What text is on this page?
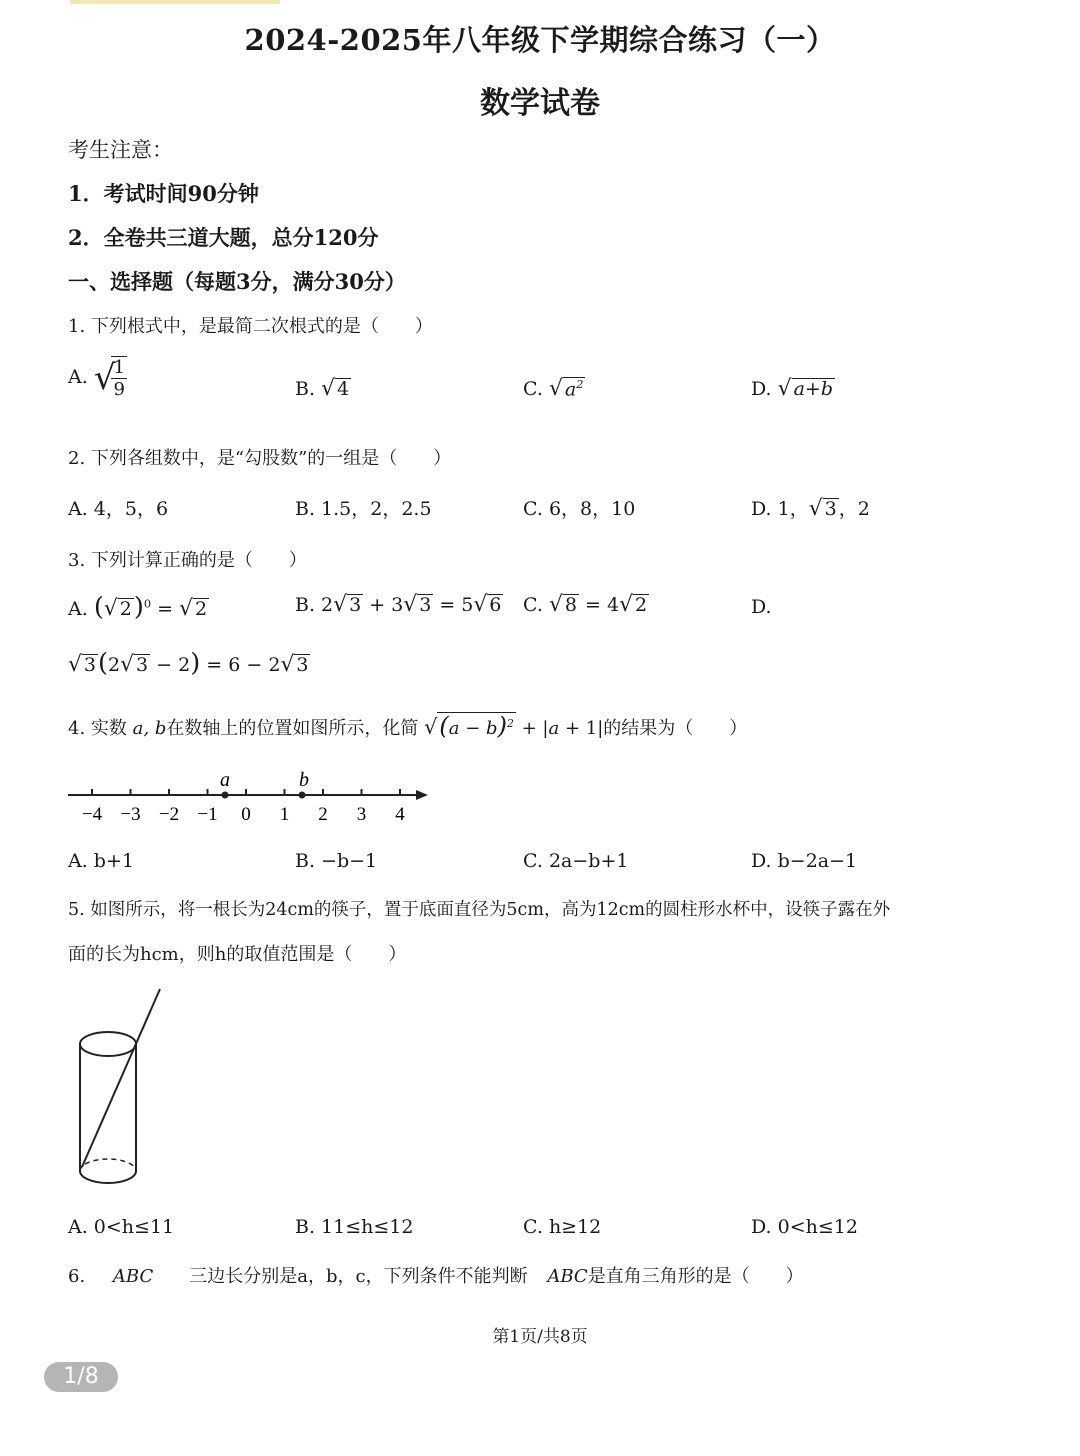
2024-2025年八年级下学期综合练习（一）
数学试卷
考生注意：
1．考试时间90分钟
2．全卷共三道大题，总分120分
一、选择题（每题3分，满分30分）
1. 下列根式中，是最简二次根式的是（　　）
A. √
$\frac{1}{9}$	B. √ 4	C. √ $a^2$	D. √ a+b
2. 下列各组数中，是“勾股数”的一组是（　　）
A. 4，5，6	B. 1.5，2，2.5	C. 6，8，10	D. 1，√ 3 ，2
3. 下列计算正确的是（　　）
A. (√ 2)$^0$ = √ 2	B. 2√ 3 + 3√ 3 = 5√ 6 C. √ 8 = 4√ 2	D.
√ 3(2√ 3 − 2) = 6 − 2√ 3
4. 实数 a, b在数轴上的位置如图所示，化简 $√(a - b)^2 + |a + 1|$的结果为（　　）
−4 −3 −2 −1 0 1 2 3 4
a	b
A. b+1	B. −b−1	C. 2a−b+1	D. b−2a−1
5. 如图所示，将一根长为24cm的筷子，置于底面直径为5cm，高为12cm的圆柱形水杯中，设筷子露在外
面的长为hcm，则h的取值范围是（　　）
A. 0<h≤11	B. 11≤h≤12	C. h≥12	D. 0<h≤12
6. ABC 三边长分别是a，b，c，下列条件不能判断 ABC是直角三角形的是（　　）
第1页/共8页
1/8
